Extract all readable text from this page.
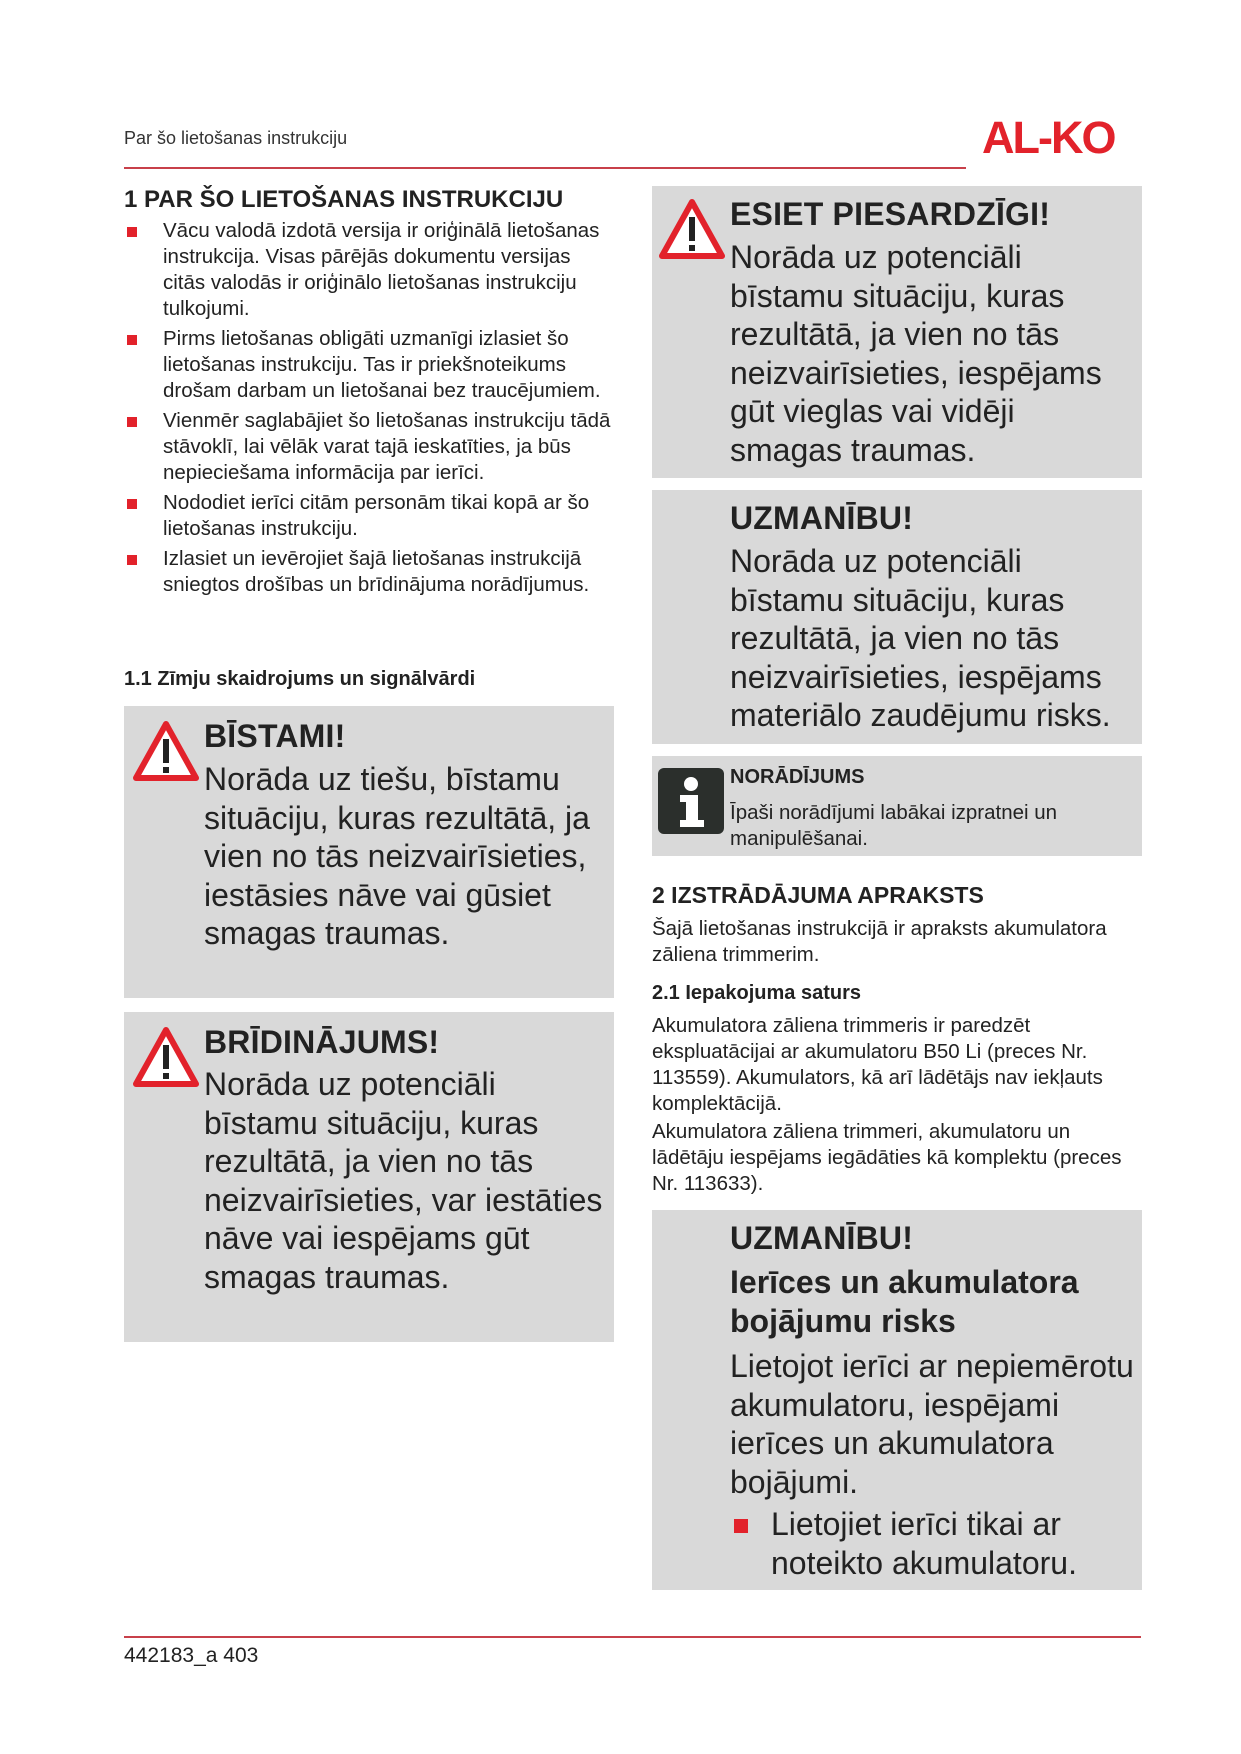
Par šo lietošanas instrukciju	AL-KO
1 PAR ŠO LIETOŠANAS INSTRUKCIJU
Vācu valodā izdotā versija ir oriģinālā lietošanas instrukcija. Visas pārējās dokumentu versijas citās valodās ir oriģinālo lietošanas instrukciju tulkojumi.
Pirms lietošanas obligāti uzmanīgi izlasiet šo lietošanas instrukciju. Tas ir priekšnoteikums drošam darbam un lietošanai bez traucējumiem.
Vienmēr saglabājiet šo lietošanas instrukciju tādā stāvoklī, lai vēlāk varat tajā ieskatīties, ja būs nepieciešama informācija par ierīci.
Nododiet ierīci citām personām tikai kopā ar šo lietošanas instrukciju.
Izlasiet un ievērojiet šajā lietošanas instrukcijā sniegtos drošības un brīdinājuma norādījumus.
1.1 Zīmju skaidrojums un signālvārdi
BĪSTAMI!
Norāda uz tiešu, bīstamu situāciju, kuras rezultātā, ja vien no tās neizvairīsieties, iestāsies nāve vai gūsiet smagas traumas.
BRĪDINĀJUMS!
Norāda uz potenciāli bīstamu situāciju, kuras rezultātā, ja vien no tās neizvairīsieties, var iestāties nāve vai iespējams gūt smagas traumas.
ESIET PIESARDZĪGI!
Norāda uz potenciāli bīstamu situāciju, kuras rezultātā, ja vien no tās neizvairīsieties, iespējams gūt vieglas vai vidēji smagas traumas.
UZMANĪBU!
Norāda uz potenciāli bīstamu situāciju, kuras rezultātā, ja vien no tās neizvairīsieties, iespējams materiālo zaudējumu risks.
NORĀDĪJUMS
Īpaši norādījumi labākai izpratnei un manipulēšanai.
2 IZSTRĀDĀJUMA APRAKSTS
Šajā lietošanas instrukcijā ir apraksts akumulatora zāliena trimmerim.
2.1 Iepakojuma saturs
Akumulatora zāliena trimmeris ir paredzēt ekspluatācijai ar akumulatoru B50 Li (preces Nr. 113559). Akumulators, kā arī lādētājs nav iekļauts komplektācijā.
Akumulatora zāliena trimmeri, akumulatoru un lādētāju iespējams iegādāties kā komplektu (preces Nr. 113633).
UZMANĪBU!
Ierīces un akumulatora bojājumu risks
Lietojot ierīci ar nepiemērotu akumulatoru, iespējami ierīces un akumulatora bojājumi.
Lietojiet ierīci tikai ar noteikto akumulatoru.
442183_a 403
